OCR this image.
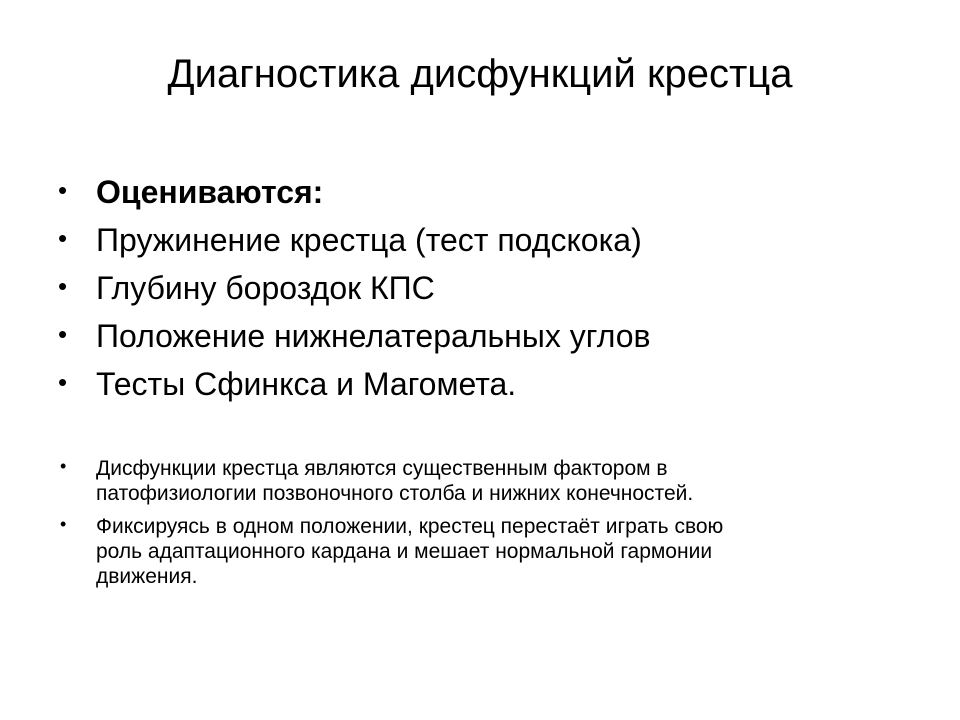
Диагностика дисфункций крестца
• Оцениваются:
• Пружинение крестца (тест подскока)
• Глубину бороздок КПС
• Положение нижнелатеральных углов
• Тесты Сфинкса и Магомета.
• Дисфункции крестца являются существенным фактором в
патофизиологии позвоночного столба и нижних конечностей.
• Фиксируясь в одном положении, крестец перестаёт играть свою
роль адаптационного кардана и мешает нормальной гармонии
движения.
